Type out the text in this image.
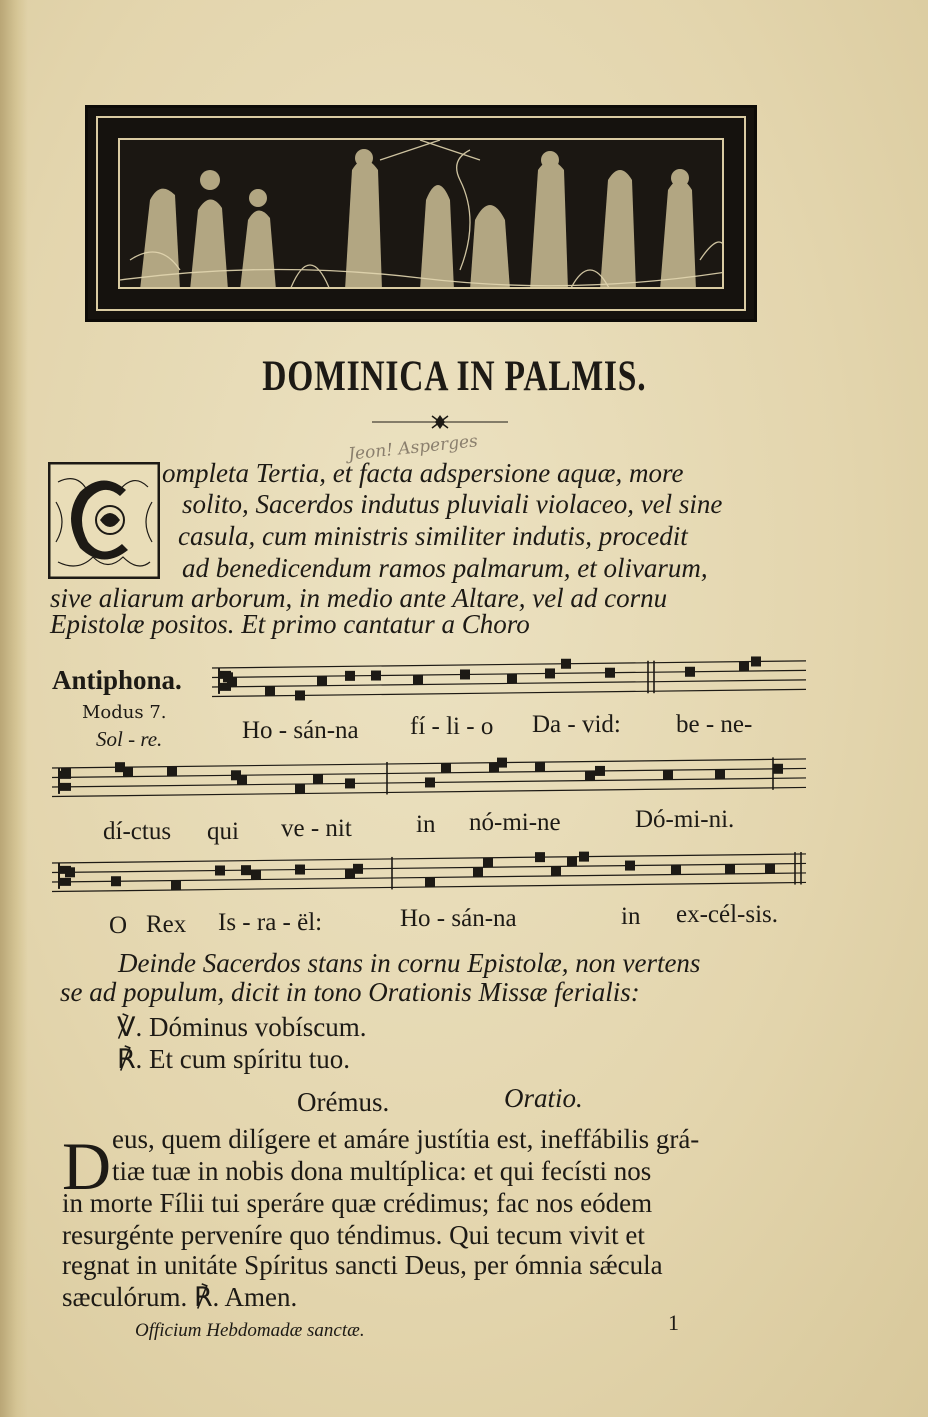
DOMINICA IN PALMIS.
Jeon! Asperges
ompleta Tertia, et facta adspersione aquæ, more
solito, Sacerdos indutus pluviali violaceo, vel sine
casula, cum ministris similiter indutis, procedit
ad benedicendum ramos palmarum, et olivarum,
sive aliarum arborum, in medio ante Altare, vel ad cornu
Epistolæ positos. Et primo cantatur a Choro
Antiphona.
Modus 7.
Sol - re.	Ho - sán-na fí - li - o Da - vid: be - ne-
dí-ctus qui ve - nit	in nó-mi-ne	Dó-mi-ni.
O Rex Is - ra - ël:	Ho - sán-na	in ex-cél-sis.
Deinde Sacerdos stans in cornu Epistolæ, non vertens
se ad populum, dicit in tono Orationis Missæ ferialis:
℣. Dóminus vobíscum.
℟. Et cum spíritu tuo.
Orémus.	Oratio.
D eus, quem dilígere et amáre justítia est, ineffábilis grá-
tiæ tuæ in nobis dona multíplica: et qui fecísti nos
in morte Fílii tui speráre quæ crédimus; fac nos eódem
resurgénte perveníre quo téndimus. Qui tecum vivit et
regnat in unitáte Spíritus sancti Deus, per ómnia sǽcula
sæculórum. ℟. Amen.
Officium Hebdomadæ sanctæ.	1
